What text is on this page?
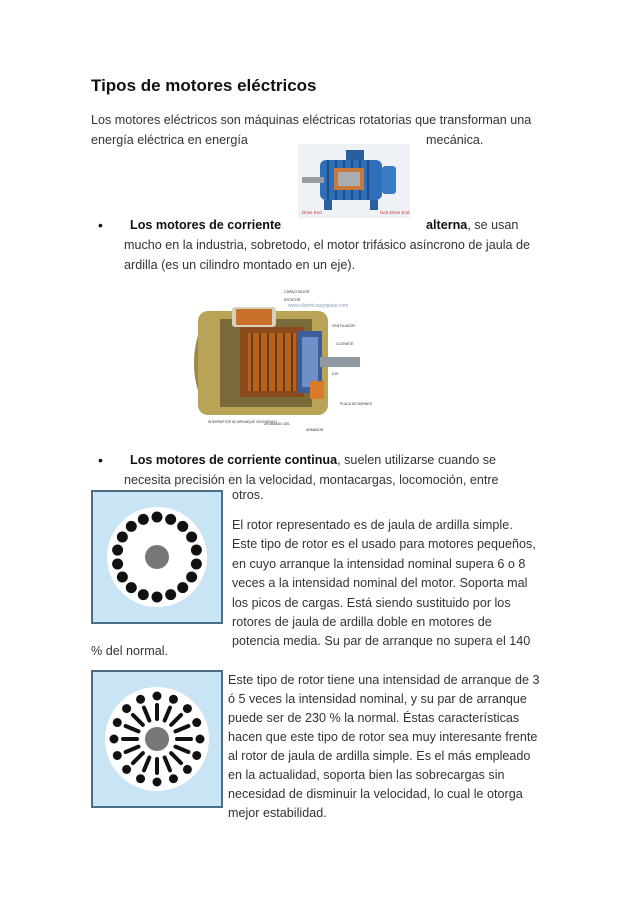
Tipos de motores eléctricos
Los motores eléctricos son máquinas eléctricas rotatorias que transforman una
energía eléctrica en energía	mecánica.
Drive End	Non-Drive End
• Los motores de corriente	alterna, se usan
mucho en la industria, sobretodo, el motor trifásico asíncrono de jaula de
ardilla (es un cilindro montado en un eje).
CAPACITADOR
ESTATOR
www.electricaspopular.com
VENTILADOR
COJINETE
EJE
PLACA DE BORNES
INTERRUPTOR DE ARRANQUE CENTRIFUGO
DEVANADO DEL
ARMADOR
• Los motores de corriente continua, suelen utilizarse cuando se
necesita precisión en la velocidad, montacargas, locomoción, entre
otros.
El rotor representado es de jaula de ardilla simple.
Este tipo de rotor es el usado para motores pequeños,
en cuyo arranque la intensidad nominal supera 6 o 8
veces a la intensidad nominal del motor. Soporta mal
los picos de cargas. Está siendo sustituido por los
rotores de jaula de ardilla doble en motores de
potencia media. Su par de arranque no supera el 140
% del normal.
Este tipo de rotor tiene una intensidad de arranque de 3
ó 5 veces la intensidad nominal, y su par de arranque
puede ser de 230 % la normal. Éstas características
hacen que este tipo de rotor sea muy interesante frente
al rotor de jaula de ardilla simple. Es el más empleado
en la actualidad, soporta bien las sobrecargas sin
necesidad de disminuir la velocidad, lo cual le otorga
mejor estabilidad.
